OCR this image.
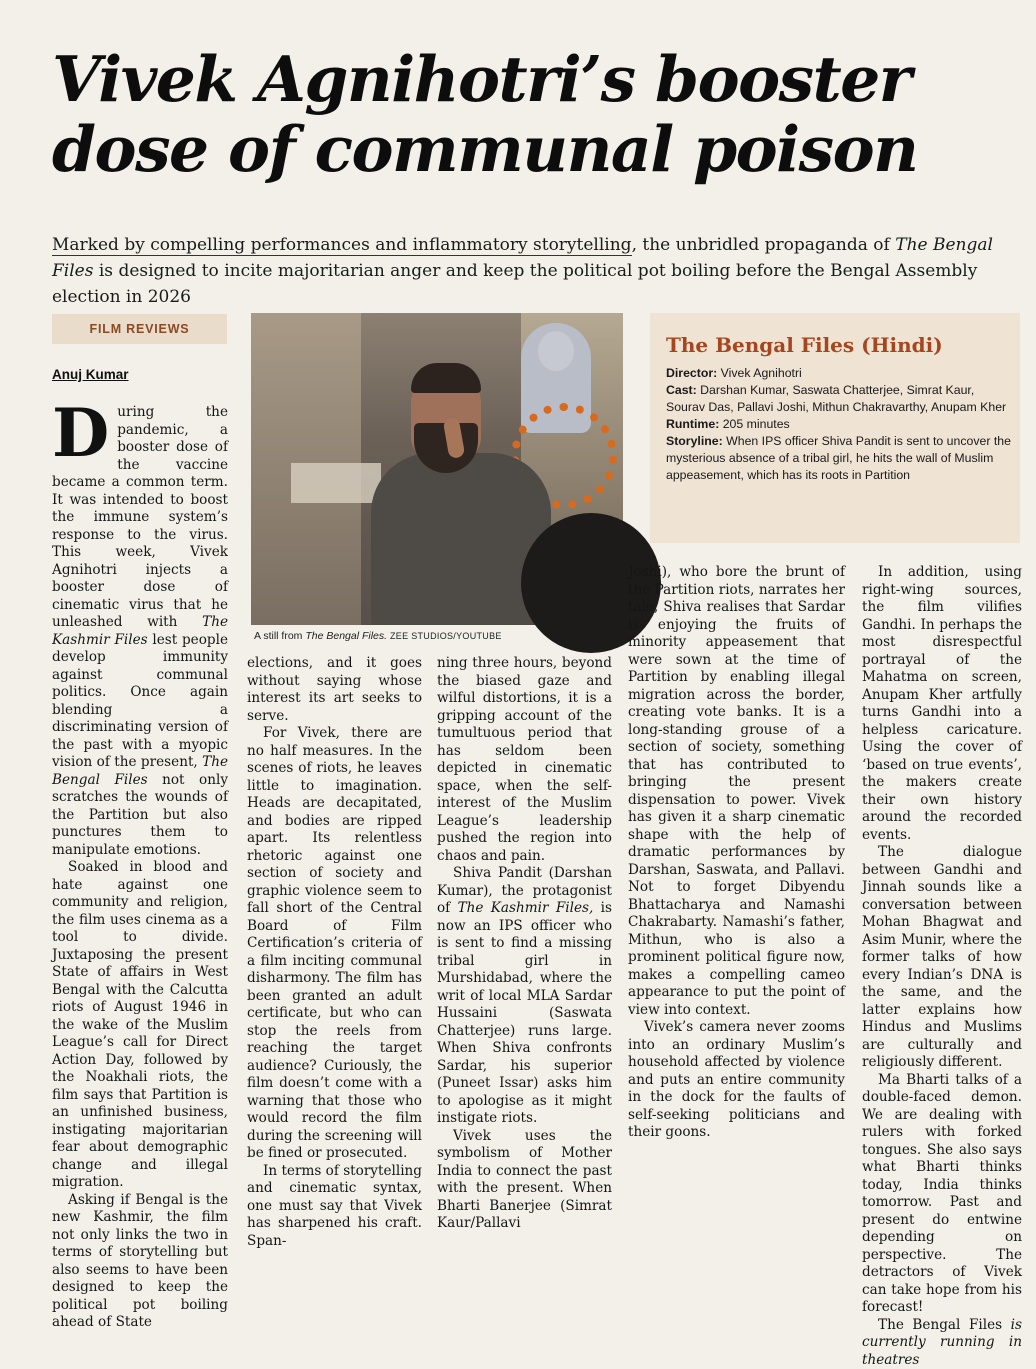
Vivek Agnihotri’s booster dose of communal poison
Marked by compelling performances and inflammatory storytelling, the unbridled propaganda of The Bengal Files is designed to incite majoritarian anger and keep the political pot boiling before the Bengal Assembly election in 2026
FILM REVIEWS
Anuj Kumar
A still from The Bengal Files. ZEE STUDIOS/YOUTUBE
The Bengal Files (Hindi)
Director: Vivek Agnihotri
Cast: Darshan Kumar, Saswata Chatterjee, Simrat Kaur, Sourav Das, Pallavi Joshi, Mithun Chakravarthy, Anupam Kher
Runtime: 205 minutes
Storyline: When IPS officer Shiva Pandit is sent to uncover the mysterious absence of a tribal girl, he hits the wall of Muslim appeasement, which has its roots in Partition

During the pandemic, a booster dose of the vaccine became a common term. It was intended to boost the immune system’s response to the virus. This week, Vivek Agnihotri injects a booster dose of cinematic virus that he unleashed with The Kashmir Files lest people develop immunity against communal politics. Once again blending a discriminating version of the past with a myopic vision of the present, The Bengal Files not only scratches the wounds of the Partition but also punctures them to manipulate emotions.

Soaked in blood and hate against one community and religion, the film uses cinema as a tool to divide. Juxtaposing the present State of affairs in West Bengal with the Calcutta riots of August 1946 in the wake of the Muslim League’s call for Direct Action Day, followed by the Noakhali riots, the film says that Partition is an unfinished business, instigating majoritarian fear about demographic change and illegal migration.

Asking if Bengal is the new Kashmir, the film not only links the two in terms of storytelling but also seems to have been designed to keep the political pot boiling ahead of State

elections, and it goes without saying whose interest its art seeks to serve.

For Vivek, there are no half measures. In the scenes of riots, he leaves little to imagination. Heads are decapitated, and bodies are ripped apart. Its relentless rhetoric against one section of society and graphic violence seem to fall short of the Central Board of Film Certification’s criteria of a film inciting communal disharmony. The film has been granted an adult certificate, but who can stop the reels from reaching the target audience? Curiously, the film doesn’t come with a warning that those who would record the film during the screening will be fined or prosecuted.

In terms of storytelling and cinematic syntax, one must say that Vivek has sharpened his craft. Span-

ning three hours, beyond the biased gaze and wilful distortions, it is a gripping account of the tumultuous period that has seldom been depicted in cinematic space, when the self-interest of the Muslim League’s leadership pushed the region into chaos and pain.

Shiva Pandit (Darshan Kumar), the protagonist of The Kashmir Files, is now an IPS officer who is sent to find a missing tribal girl in Murshidabad, where the writ of local MLA Sardar Hussaini (Saswata Chatterjee) runs large. When Shiva confronts Sardar, his superior (Puneet Issar) asks him to apologise as it might instigate riots.

Vivek uses the symbolism of Mother India to connect the past with the present. When Bharti Banerjee (Simrat Kaur/Pallavi

Joshi), who bore the brunt of the Partition riots, narrates her tale, Shiva realises that Sardar is enjoying the fruits of minority appeasement that were sown at the time of Partition by enabling illegal migration across the border, creating vote banks. It is a long-standing grouse of a section of society, something that has contributed to bringing the present dispensation to power. Vivek has given it a sharp cinematic shape with the help of dramatic performances by Darshan, Saswata, and Pallavi. Not to forget Dibyendu Bhattacharya and Namashi Chakrabarty. Namashi’s father, Mithun, who is also a prominent political figure now, makes a compelling cameo appearance to put the point of view into context.

Vivek’s camera never zooms into an ordinary Muslim’s household affected by violence and puts an entire community in the dock for the faults of self-seeking politicians and their goons.

In addition, using right-wing sources, the film vilifies Gandhi. In perhaps the most disrespectful portrayal of the Mahatma on screen, Anupam Kher artfully turns Gandhi into a helpless caricature. Using the cover of ‘based on true events’, the makers create their own history around the recorded events.

The dialogue between Gandhi and Jinnah sounds like a conversation between Mohan Bhagwat and Asim Munir, where the former talks of how every Indian’s DNA is the same, and the latter explains how Hindus and Muslims are culturally and religiously different.

Ma Bharti talks of a double-faced demon. We are dealing with rulers with forked tongues. She also says what Bharti thinks today, India thinks tomorrow. Past and present do entwine depending on perspective. The detractors of Vivek can take hope from his forecast!

The Bengal Files is currently running in theatres
